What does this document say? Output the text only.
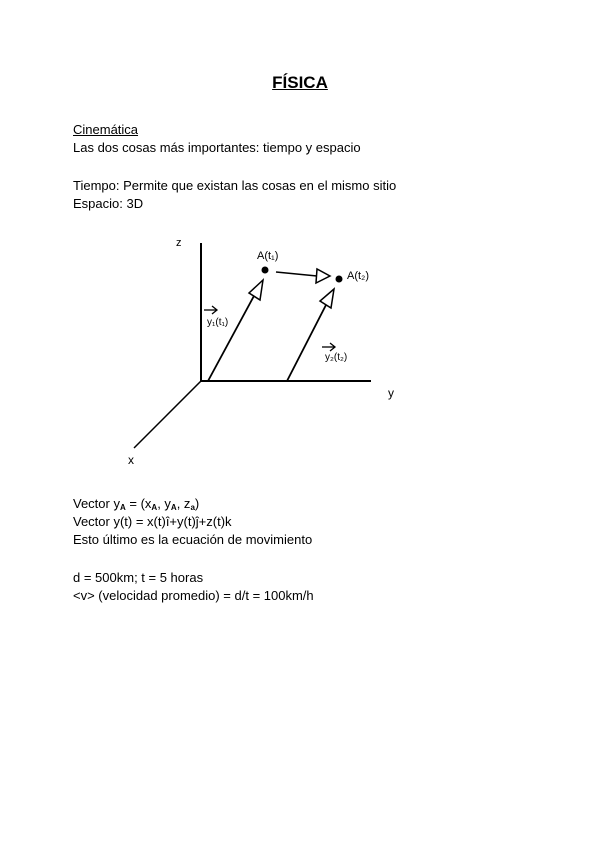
FÍSICA
Cinemática
Las dos cosas más importantes: tiempo y espacio
Tiempo: Permite que existan las cosas en el mismo sitio
Espacio: 3D
z
y
x
A(t₁)
A(t₂)
y₁(t₁)
y₂(t₂)
Vector $y_A = (x_A$, $y_A$, $z_a$)
Vector y(t) = x(t)î+y(t)ĵ+z(t)k
Esto último es la ecuación de movimiento
d = 500km; t = 5 horas
<v> (velocidad promedio) = d/t = 100km/h
